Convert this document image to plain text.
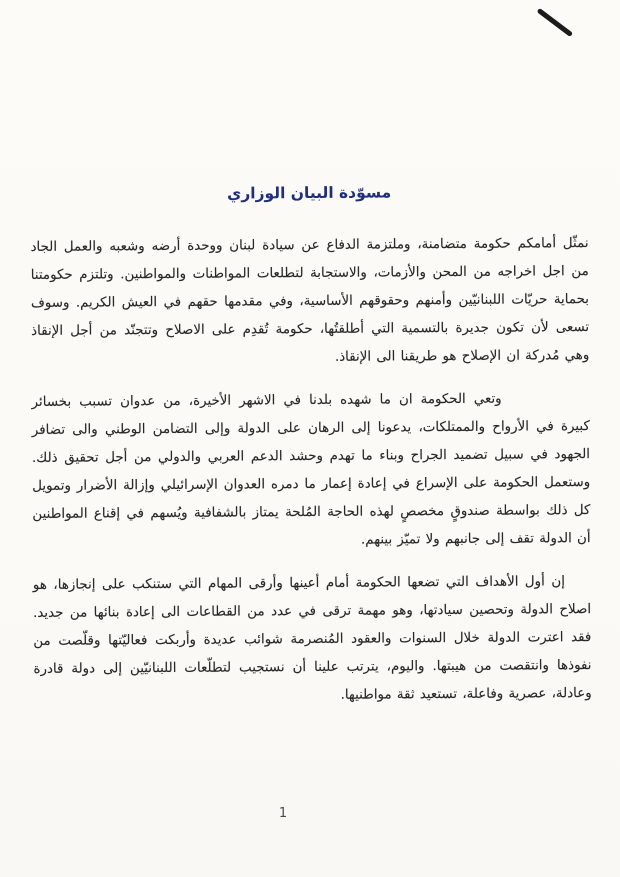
مسوّدة البيان الوزاري

نمثّل أمامكم حكومة متضامنة، وملتزمة الدفاع عن سيادة لبنان ووحدة أرضه وشعبه والعمل الجاد من اجل اخراجه من المحن والأزمات، والاستجابة لتطلعات المواطنات والمواطنين. وتلتزم حكومتنا بحماية حريّات اللبنانيّين وأمنهم وحقوقهم الأساسية، وفي مقدمها حقهم في العيش الكريم. وسوف تسعى لأن تكون جديرة بالتسمية التي أطلقتُها، حكومة تُقدِم على الاصلاح وتتجنّد من أجل الإنقاذ وهي مُدركة ان الإصلاح هو طريقنا الى الإنقاذ.

وتعي الحكومة ان ما شهده بلدنا في الاشهر الأخيرة، من عدوان تسبب بخسائر كبيرة في الأرواح والممتلكات، يدعونا إلى الرهان على الدولة وإلى التضامن الوطني والى تضافر الجهود في سبيل تضميد الجراح وبناء ما تهدم وحشد الدعم العربي والدولي من أجل تحقيق ذلك. وستعمل الحكومة على الإسراع في إعادة إعمار ما دمره العدوان الإسرائيلي وإزالة الأضرار وتمويل كل ذلك بواسطة صندوقٍ مخصصٍ لهذه الحاجة المُلحة يمتاز بالشفافية ويُسهم في إقناع المواطنين أن الدولة تقف إلى جانبهم ولا تميّز بينهم.

إن أول الأهداف التي تضعها الحكومة أمام أعينها وأرقى المهام التي ستنكب على إنجازها، هو اصلاح الدولة وتحصين سيادتها، وهو مهمة ترقى في عدد من القطاعات الى إعادة بنائها من جديد. فقد اعترت الدولة خلال السنوات والعقود المُنصرمة شوائب عديدة وأربكت فعاليّتها وقلّصت من نفوذها وانتقصت من هيبتها. واليوم، يترتب علينا أن نستجيب لتطلّعات اللبنانيّين إلى دولة قادرة وعادلة، عصرية وفاعلة، تستعيد ثقة مواطنيها.

1
